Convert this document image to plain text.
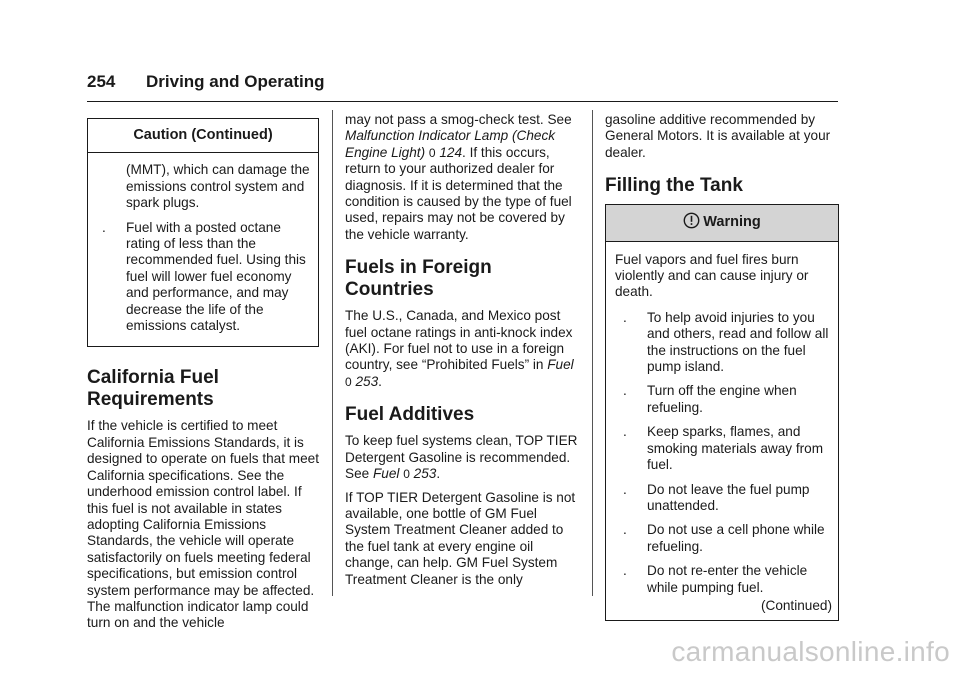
254 Driving and Operating
Caution (Continued)
(MMT), which can damage the emissions control system and spark plugs.
. Fuel with a posted octane rating of less than the recommended fuel. Using this fuel will lower fuel economy and performance, and may decrease the life of the emissions catalyst.
California Fuel Requirements

If the vehicle is certified to meet California Emissions Standards, it is designed to operate on fuels that meet California specifications. See the underhood emission control label. If this fuel is not available in states adopting California Emissions Standards, the vehicle will operate satisfactorily on fuels meeting federal specifications, but emission control system performance may be affected. The malfunction indicator lamp could turn on and the vehicle

may not pass a smog-check test. See Malfunction Indicator Lamp (Check Engine Light) 0 124. If this occurs, return to your authorized dealer for diagnosis. If it is determined that the condition is caused by the type of fuel used, repairs may not be covered by the vehicle warranty.

Fuels in Foreign Countries

The U.S., Canada, and Mexico post fuel octane ratings in anti-knock index (AKI). For fuel not to use in a foreign country, see “Prohibited Fuels” in Fuel 0 253.

Fuel Additives

To keep fuel systems clean, TOP TIER Detergent Gasoline is recommended. See Fuel 0 253.

If TOP TIER Detergent Gasoline is not available, one bottle of GM Fuel System Treatment Cleaner added to the fuel tank at every engine oil change, can help. GM Fuel System Treatment Cleaner is the only

gasoline additive recommended by General Motors. It is available at your dealer.

Filling the Tank
Warning

Fuel vapors and fuel fires burn violently and can cause injury or death.

. To help avoid injuries to you and others, read and follow all the instructions on the fuel pump island.
. Turn off the engine when refueling.
. Keep sparks, flames, and smoking materials away from fuel.
. Do not leave the fuel pump unattended.
. Do not use a cell phone while refueling.
. Do not re-enter the vehicle while pumping fuel.
(Continued)
carmanualsonline.info
